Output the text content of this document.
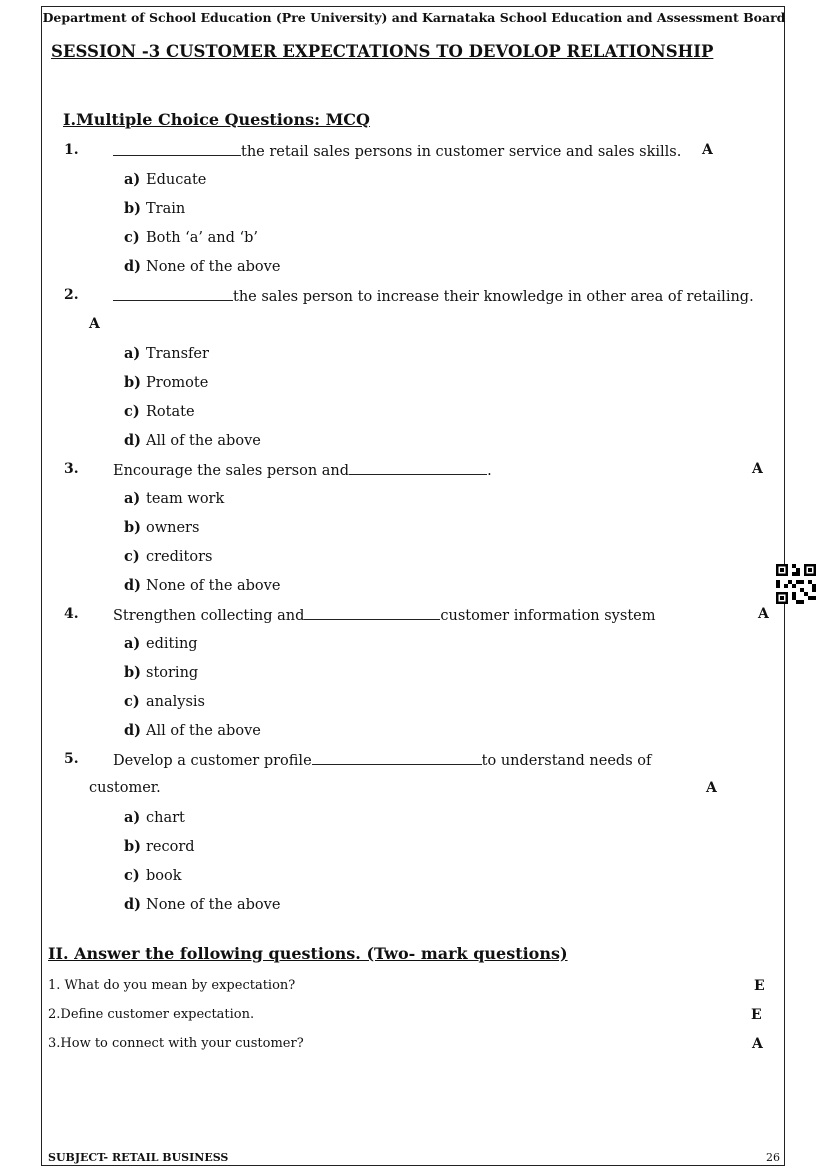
Department of School Education (Pre University) and Karnataka School Education and Assessment Board
SESSION -3 CUSTOMER EXPECTATIONS TO DEVOLOP RELATIONSHIP
I.Multiple Choice Questions: MCQ
1.	the retail sales persons in customer service and sales skills. A
a) Educate
b) Train
c) Both ‘a’ and ‘b’
d) None of the above
2.	the sales person to increase their knowledge in other area of retailing.
A
a) Transfer
b) Promote
c) Rotate
d) All of the above
3. Encourage the sales person and	.	A
a) team work
b) owners
c) creditors
d) None of the above
4. Strengthen collecting and	customer information system	A
a) editing
b) storing
c) analysis
d) All of the above
5. Develop a customer profile	to understand needs of
customer.	A
a) chart
b) record
c) book
d) None of the above
II. Answer the following questions. (Two- mark questions)
1. What do you mean by expectation?	E
2.Define customer expectation.	E
3.How to connect with your customer?	A
SUBJECT- RETAIL BUSINESS	26
